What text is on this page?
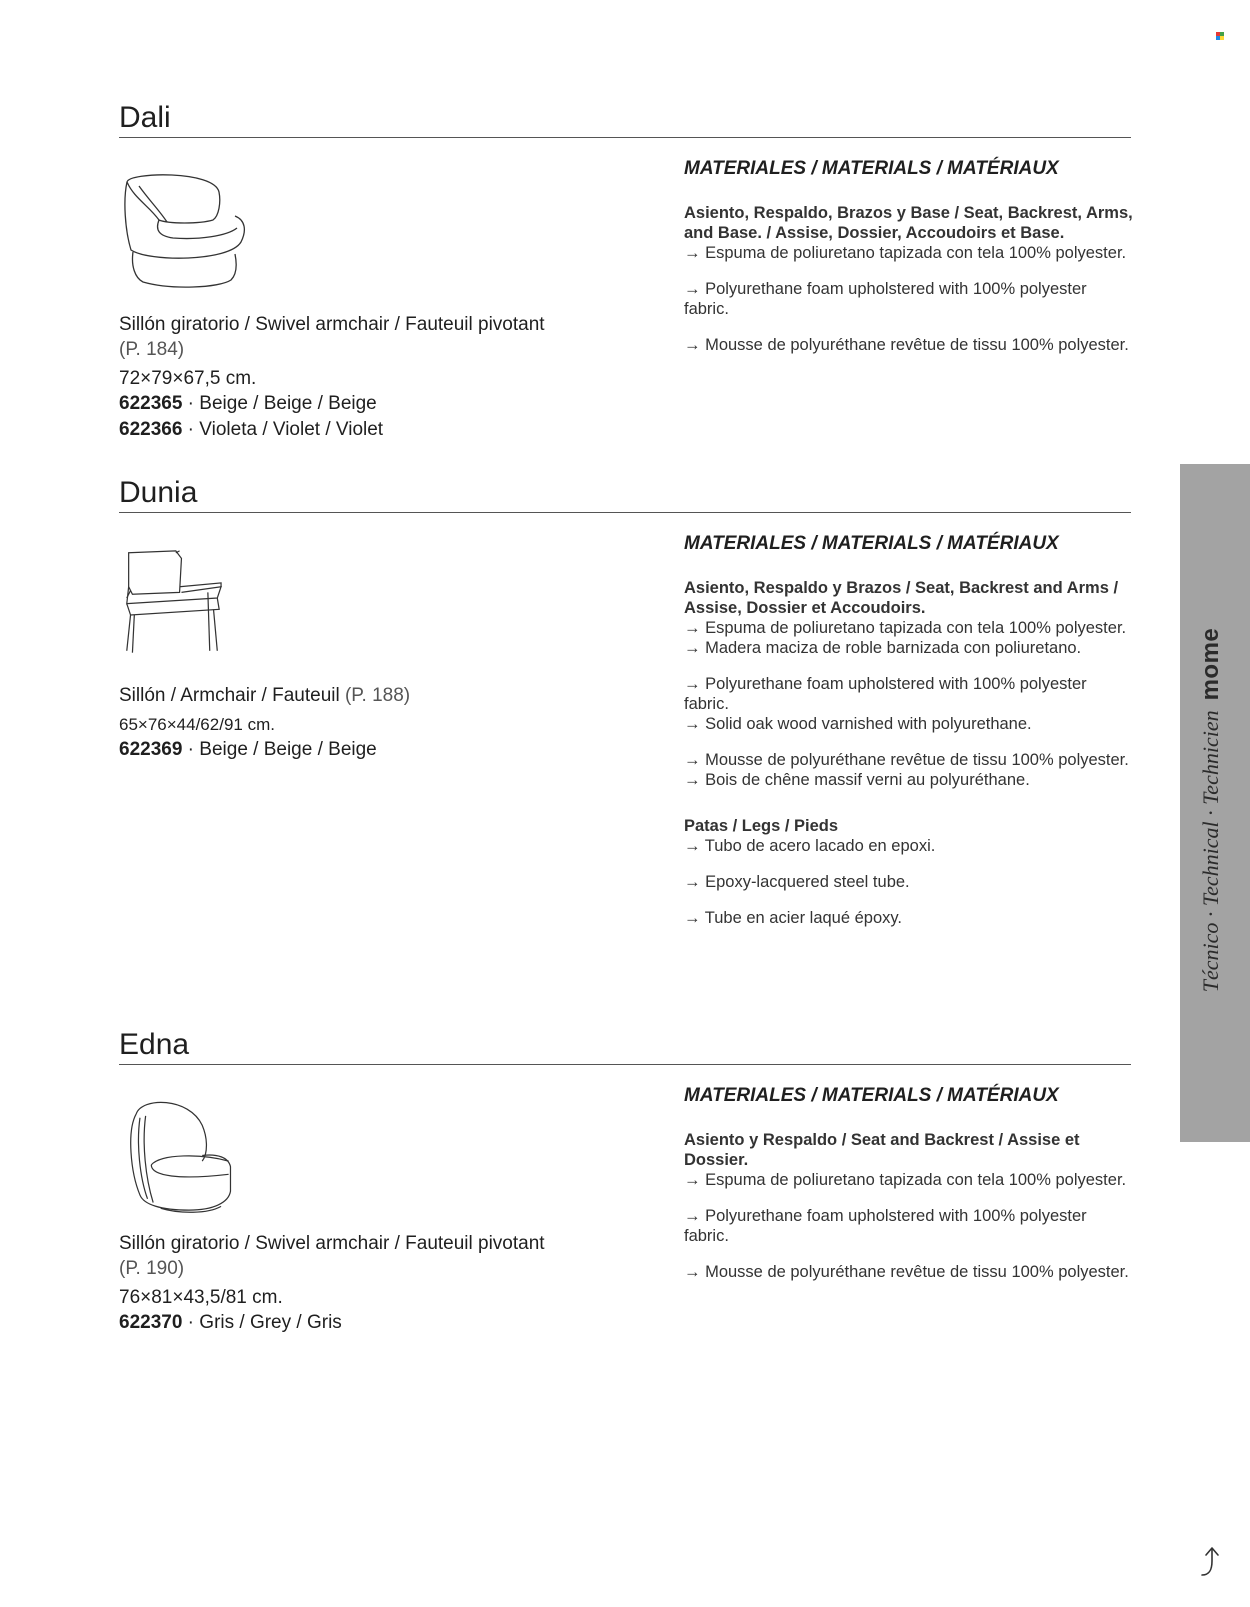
Dali
Sillón giratorio / Swivel armchair / Fauteuil pivotant
(P. 184)
72×79×67,5 cm.
622365 · Beige / Beige / Beige
622366 · Violeta / Violet / Violet
MATERIALES / MATERIALS / MATÉRIAUX
Asiento, Respaldo, Brazos y Base / Seat, Backrest, Arms, and Base. / Assise, Dossier, Accoudoirs et Base.
→ Espuma de poliuretano tapizada con tela 100% polyester.
→ Polyurethane foam upholstered with 100% polyester fabric.
→ Mousse de polyuréthane revêtue de tissu 100% polyester.
Dunia
Sillón / Armchair / Fauteuil (P. 188)
65×76×44/62/91 cm.
622369 · Beige / Beige / Beige
MATERIALES / MATERIALS / MATÉRIAUX
Asiento, Respaldo y Brazos / Seat, Backrest and Arms / Assise, Dossier et Accoudoirs.
→ Espuma de poliuretano tapizada con tela 100% polyester.
→ Madera maciza de roble barnizada con poliuretano.
→ Polyurethane foam upholstered with 100% polyester fabric.
→ Solid oak wood varnished with polyurethane.
→ Mousse de polyuréthane revêtue de tissu 100% polyester.
→ Bois de chêne massif verni au polyuréthane.
Patas / Legs / Pieds
→ Tubo de acero lacado en epoxi.
→ Epoxy-lacquered steel tube.
→ Tube en acier laqué époxy.
Edna
Sillón giratorio / Swivel armchair / Fauteuil pivotant
(P. 190)
76×81×43,5/81 cm.
622370 · Gris / Grey / Gris
MATERIALES / MATERIALS / MATÉRIAUX
Asiento y Respaldo / Seat and Backrest / Assise et Dossier.
→ Espuma de poliuretano tapizada con tela 100% polyester.
→ Polyurethane foam upholstered with 100% polyester fabric.
→ Mousse de polyuréthane revêtue de tissu 100% polyester.
Técnico · Technical · Technicienmome
